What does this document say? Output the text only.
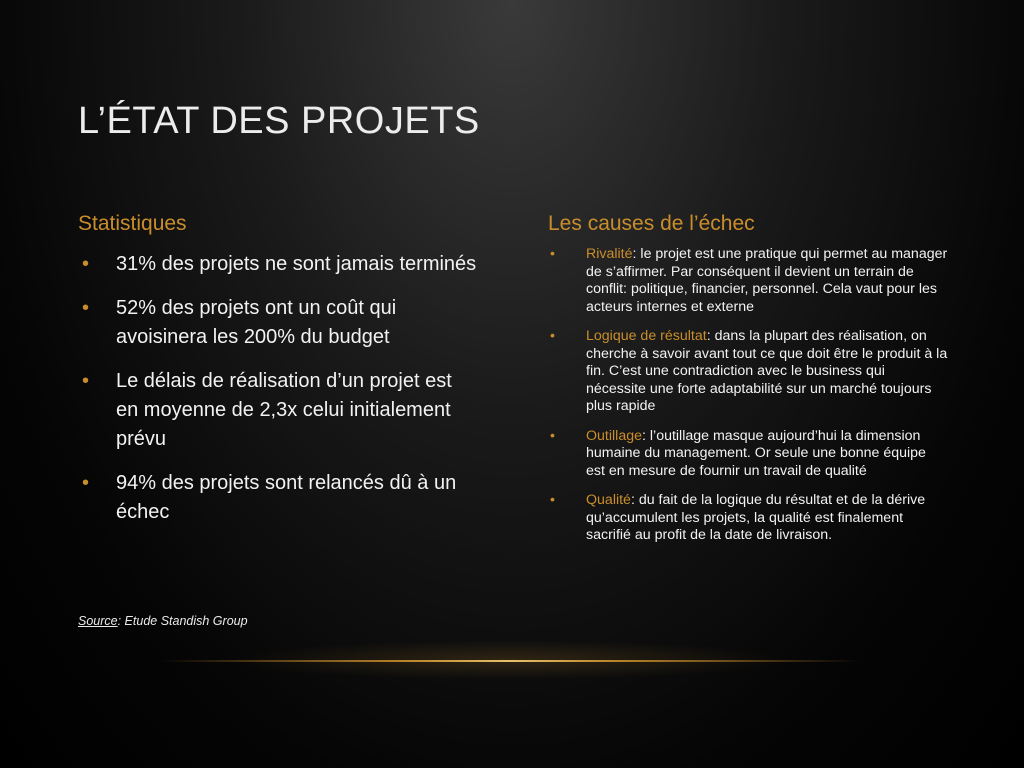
L’ÉTAT DES PROJETS
Statistiques
• 31% des projets ne sont jamais terminés
• 52% des projets ont un coût qui avoisinera les 200% du budget
• Le délais de réalisation d’un projet est en moyenne de 2,3x celui initialement prévu
• 94% des projets sont relancés dû à un échec
Source: Etude Standish Group
Les causes de l’échec
• Rivalité: le projet est une pratique qui permet au manager de s’affirmer. Par conséquent il devient un terrain de conflit: politique, financier, personnel. Cela vaut pour les acteurs internes et externe
• Logique de résultat: dans la plupart des réalisation, on cherche à savoir avant tout ce que doit être le produit à la fin. C’est une contradiction avec le business qui nécessite une forte adaptabilité sur un marché toujours plus rapide
• Outillage: l’outillage masque aujourd’hui la dimension humaine du management. Or seule une bonne équipe est en mesure de fournir un travail de qualité
• Qualité: du fait de la logique du résultat et de la dérive qu’accumulent les projets, la qualité est finalement sacrifié au profit de la date de livraison.
